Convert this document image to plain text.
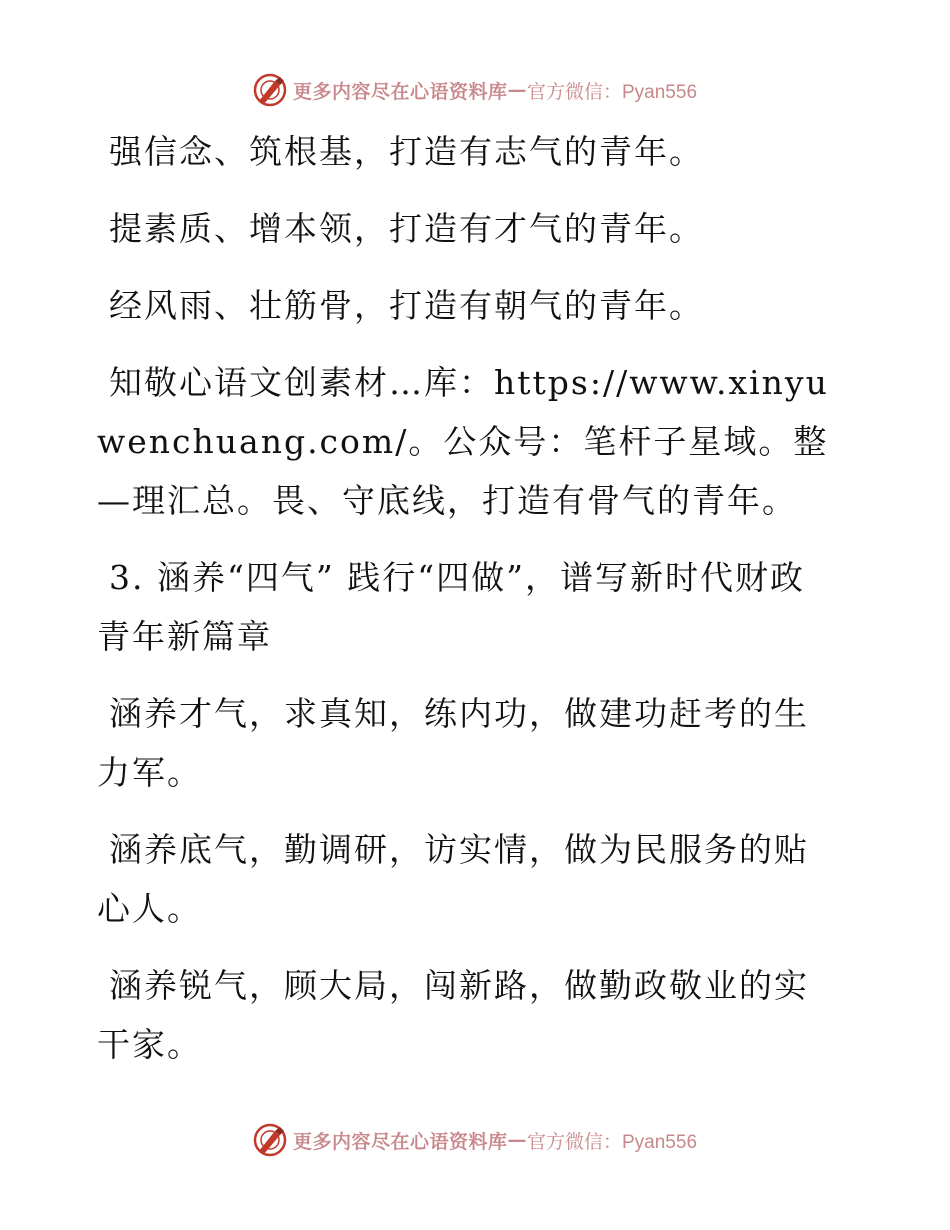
更多内容尽在心语资料库 — 官方微信：Pyan556

强信念、筑根基，打造有志气的青年。

提素质、增本领，打造有才气的青年。

经风雨、壮筋骨，打造有朝气的青年。

知敬心语文创素材…库：https://www.xinyuwenchuang.com/。公众号：笔杆子星域。整—理汇总。畏、守底线，打造有骨气的青年。

3. 涵养“四气” 践行“四做”，谱写新时代财政青年新篇章

涵养才气，求真知，练内功，做建功赶考的生力军。

涵养底气，勤调研，访实情，做为民服务的贴心人。

涵养锐气，顾大局，闯新路，做勤政敬业的实干家。

更多内容尽在心语资料库 — 官方微信：Pyan556
